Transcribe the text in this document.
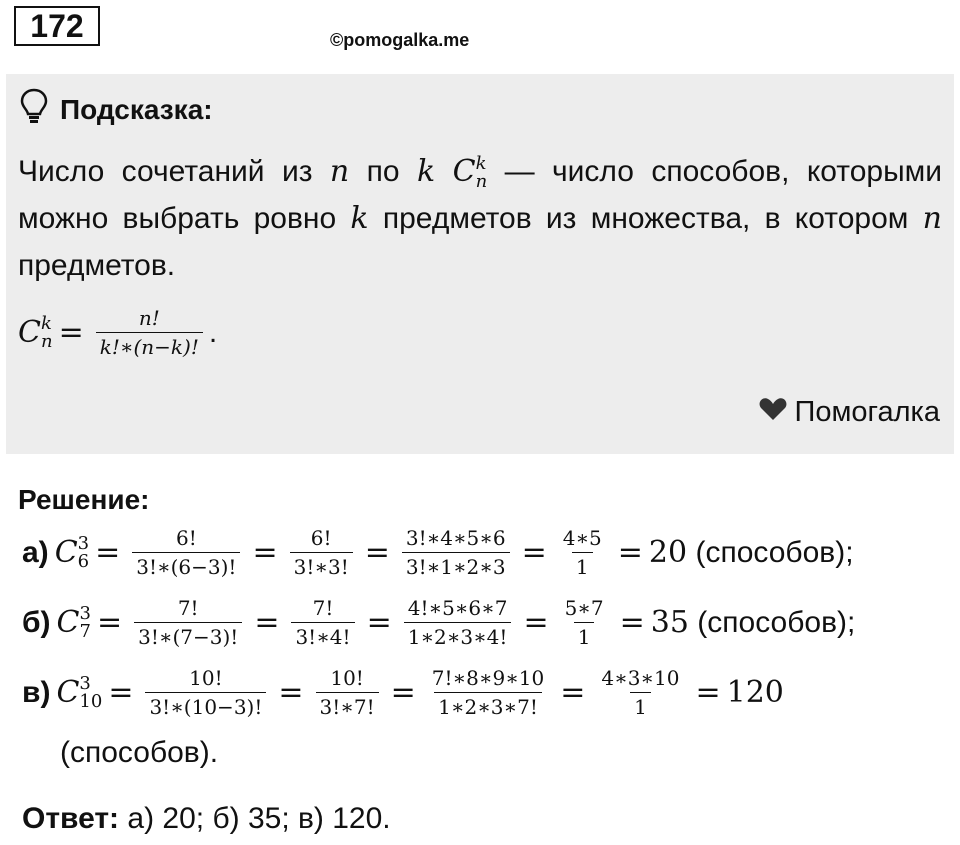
172	©pomogalka.me
Подсказка:
Число сочетаний из n по k C k
n — число способов, которыми можно выбрать ровно k предметов из множества, в котором n предметов.
C k
$n = \frac{n!}{k!∗(n-k)!}$ .
Помогалка
Решение:
а) C 3
$6 = \frac{6!}{3!∗(6-3)!} = \frac{6!}{3!∗3!} = \frac{3!∗4∗5∗6}{3!∗1∗2∗3} = \frac{4∗5}{1} = 20$
(способов);
б) C 3
$7 = \frac{7!}{3!∗(7-3)!} = \frac{7!}{3!∗4!} = \frac{4!∗5∗6∗7}{1∗2∗3∗4!} = \frac{5∗7}{1} = 35$
(способов);
в) C 3
$10 = \frac{10!}{3!∗(10-3)!} = \frac{10!}{3!∗7!} = \frac{7!∗8∗9∗10}{1∗2∗3∗7!} = \frac{4∗3∗10}{1} = 120$
(способов).
Ответ: а) 20; б) 35; в) 120.
